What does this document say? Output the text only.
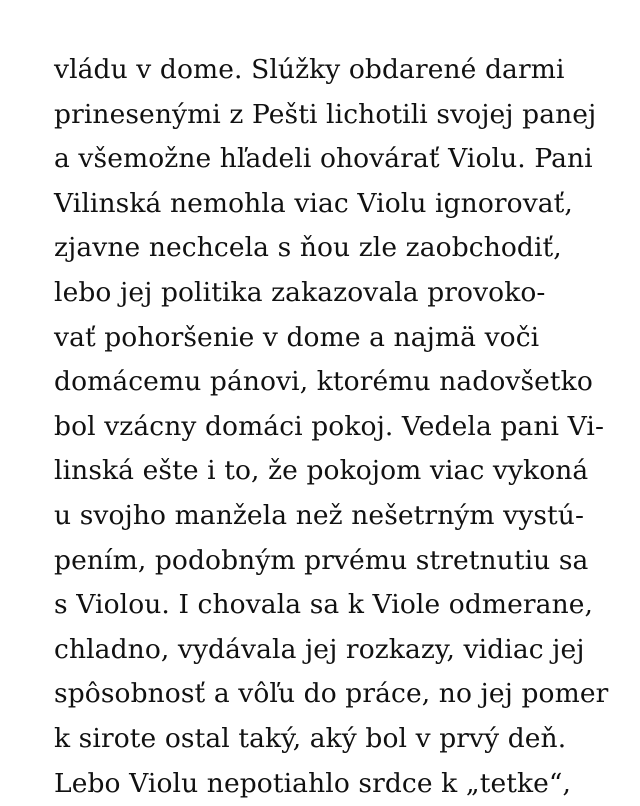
vládu v dome. Slúžky obdarené darmi
prinesenými z Pešti lichotili svojej panej
a všemožne hľadeli ohovárať Violu. Pani
Vilinská nemohla viac Violu ignorovať,
zjavne nechcela s ňou zle zaobchodiť,
lebo jej politika zakazovala provoko-
vať pohoršenie v dome a najmä voči
domácemu pánovi, ktorému nadovšetko
bol vzácny domáci pokoj. Vedela pani Vi-
linská ešte i to, že pokojom viac vykoná
u svojho manžela než nešetrným vystú-
pením, podobným prvému stretnutiu sa
s Violou. I chovala sa k Viole odmerane,
chladno, vydávala jej rozkazy, vidiac jej
spôsobnosť a vôľu do práce, no jej pomer
k sirote ostal taký, aký bol v prvý deň.
Lebo Violu nepotiahlo srdce k „tetke“,
